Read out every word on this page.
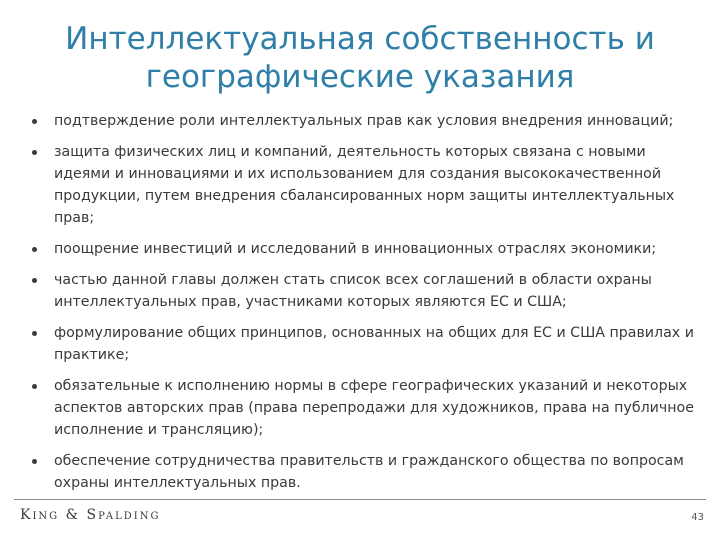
Интеллектуальная собственность и
географические указания
подтверждение роли интеллектуальных прав как условия внедрения инноваций;
защита физических лиц и компаний, деятельность которых связана с новыми идеями и инновациями и их использованием для создания высококачественной продукции, путем внедрения сбалансированных норм защиты интеллектуальных прав;
поощрение инвестиций и исследований в инновационных отраслях экономики;
частью данной главы должен стать список всех соглашений в области охраны интеллектуальных прав, участниками которых являются ЕС и США;
формулирование общих принципов, основанных на общих для ЕС и США правилах и практике;
обязательные к исполнению нормы в сфере географических указаний и некоторых аспектов авторских прав (права перепродажи для художников, права на публичное исполнение и трансляцию);
обеспечение сотрудничества правительств и гражданского общества по вопросам охраны интеллектуальных прав.
King & Spalding	43
